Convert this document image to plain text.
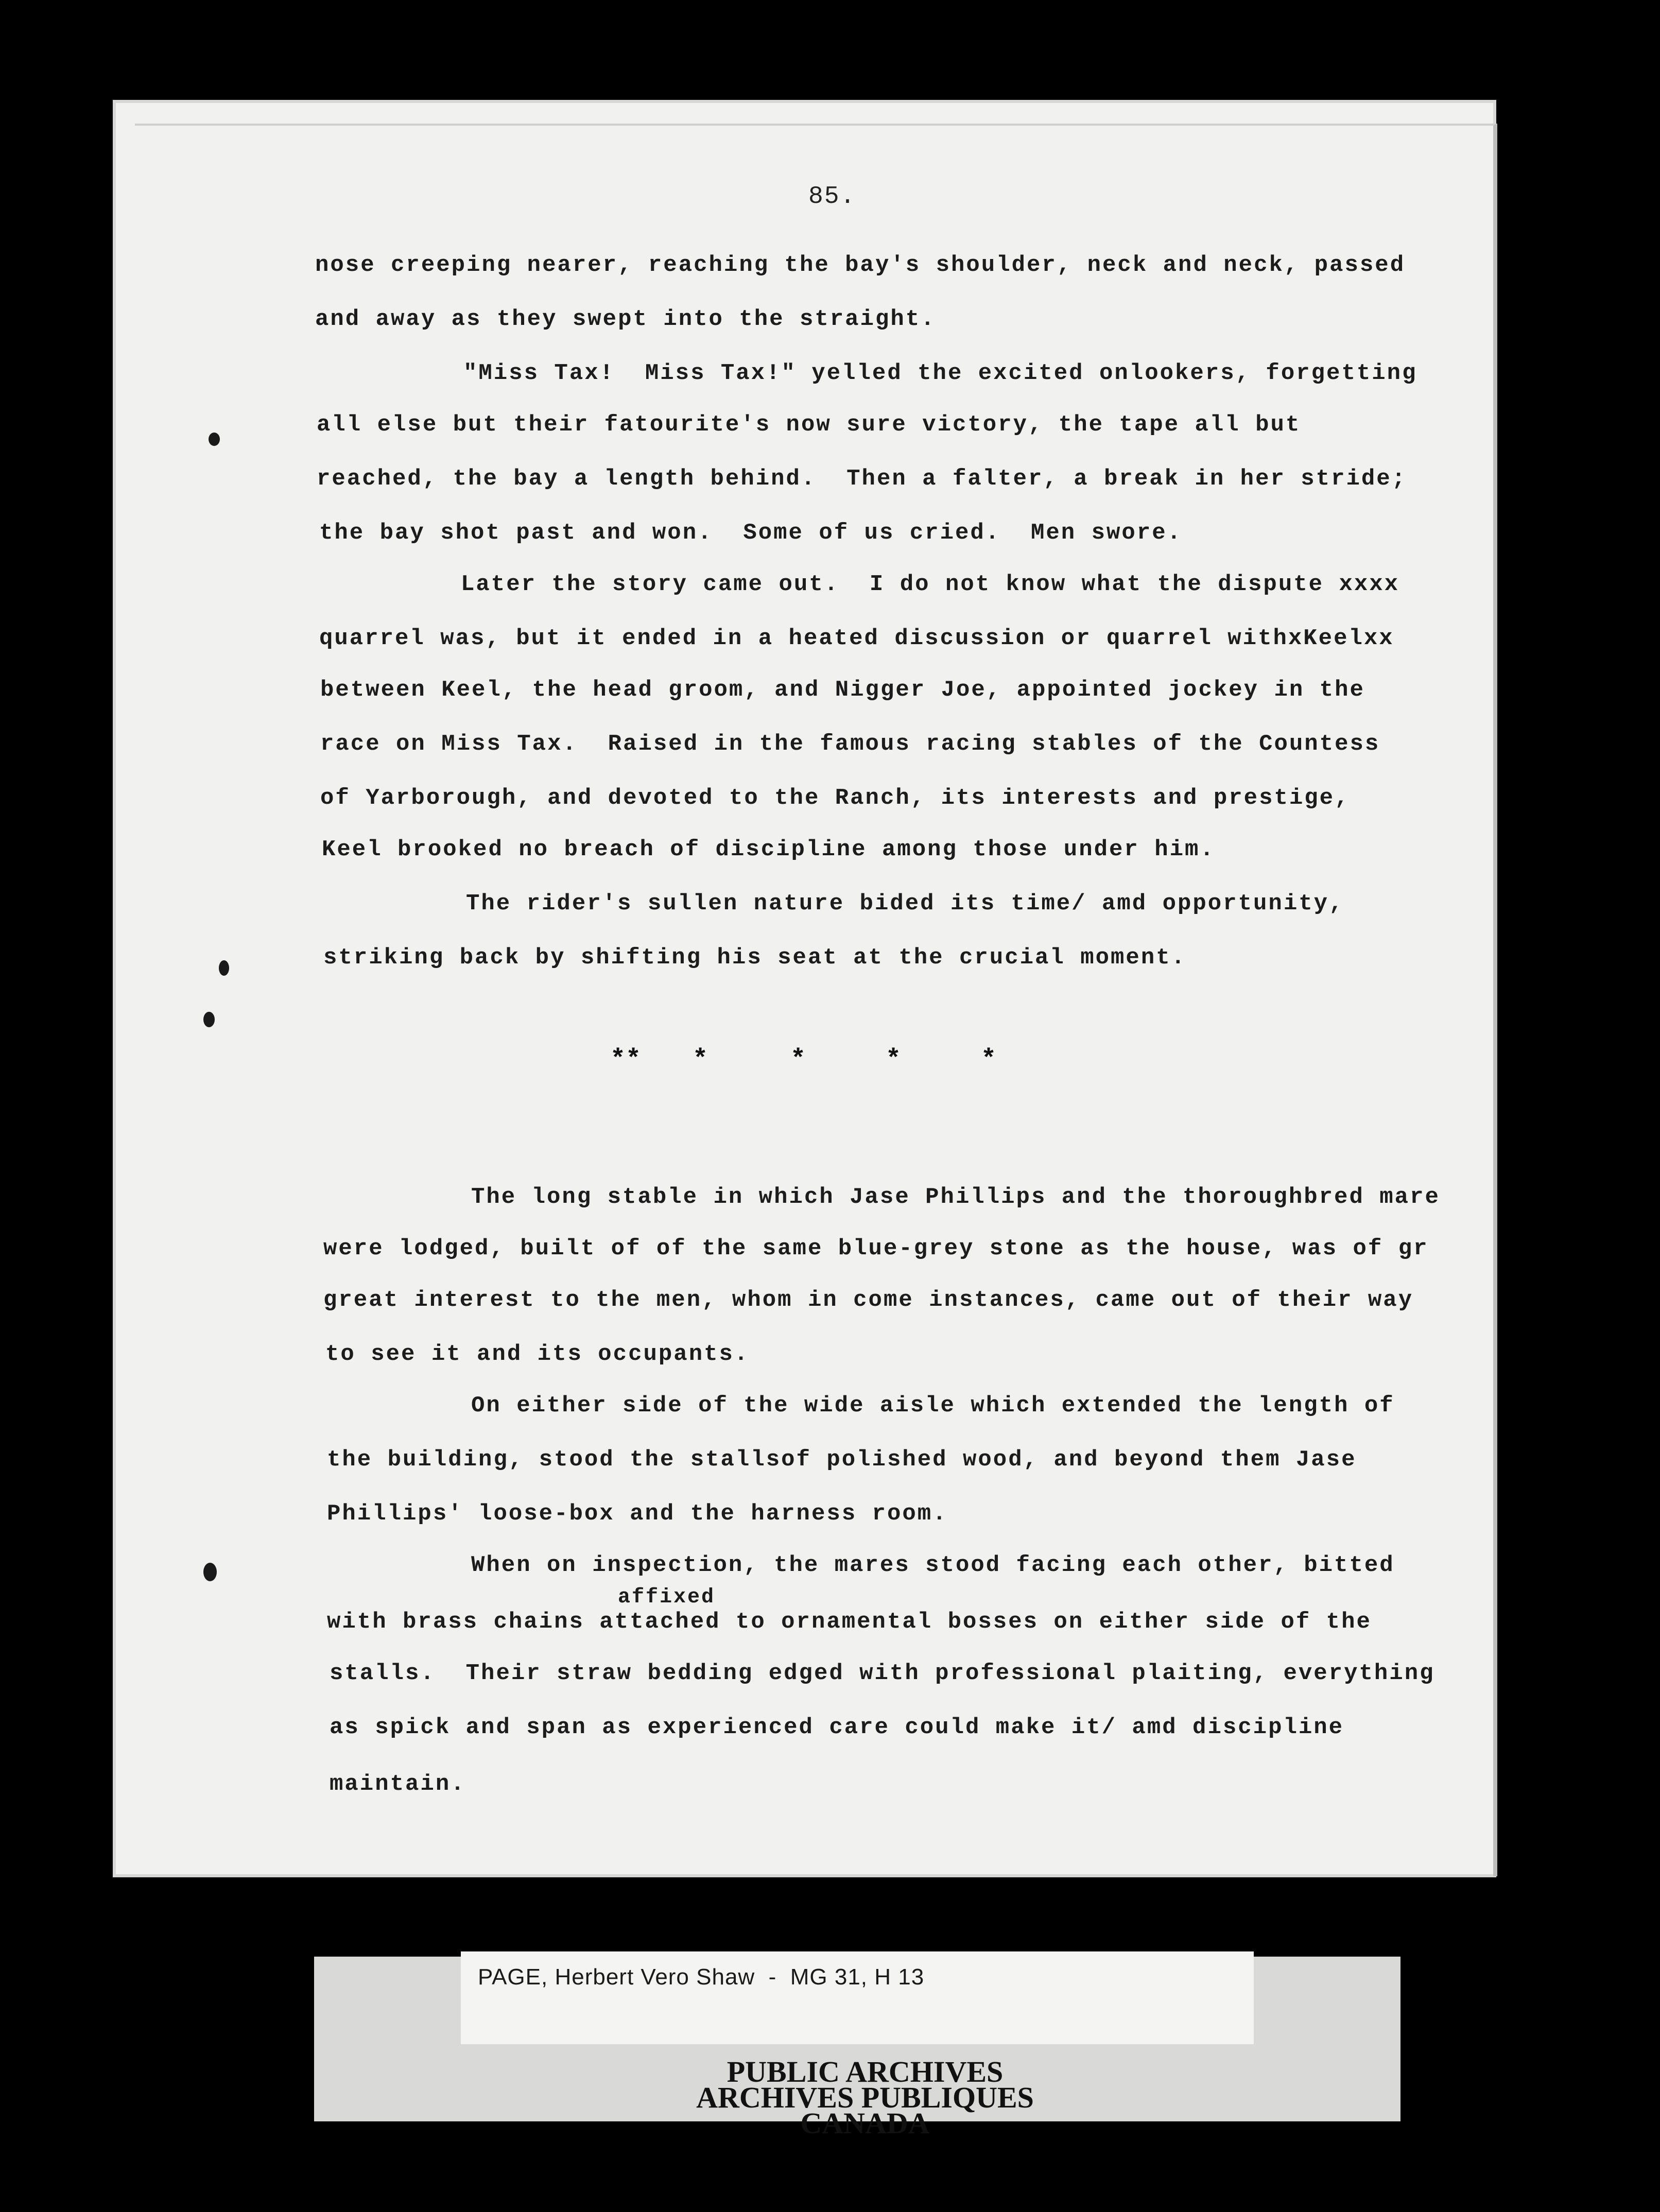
85.
nose creeping nearer, reaching the bay's shoulder, neck and neck, passed
and away as they swept into the straight.
"Miss Tax!  Miss Tax!" yelled the excited onlookers, forgetting
all else but their fatourite's now sure victory, the tape all but
reached, the bay a length behind.  Then a falter, a break in her stride;
the bay shot past and won.  Some of us cried.  Men swore.
Later the story came out.  I do not know what the dispute xxxx
quarrel was, but it ended in a heated discussion or quarrel withxKeelxx
between Keel, the head groom, and Nigger Joe, appointed jockey in the
race on Miss Tax.  Raised in the famous racing stables of the Countess
of Yarborough, and devoted to the Ranch, its interests and prestige,
Keel brooked no breach of discipline among those under him.
The rider's sullen nature bided its time/ amd opportunity,
striking back by shifting his seat at the crucial moment.
** *	*	*	*
The long stable in which Jase Phillips and the thoroughbred mare
were lodged, built of of the same blue-grey stone as the house, was of gr
great interest to the men, whom in come instances, came out of their way
to see it and its occupants.
On either side of the wide aisle which extended the length of
the building, stood the stallsof polished wood, and beyond them Jase
Phillips' loose-box and the harness room.
When on inspection, the mares stood facing each other, bitted
affixed
with brass chains attached to ornamental bosses on either side of the
stalls.  Their straw bedding edged with professional plaiting, everything
as spick and span as experienced care could make it/ amd discipline
maintain.
PAGE, Herbert Vero Shaw  -  MG 31, H 13
PUBLIC ARCHIVES
ARCHIVES PUBLIQUES
CANADA
